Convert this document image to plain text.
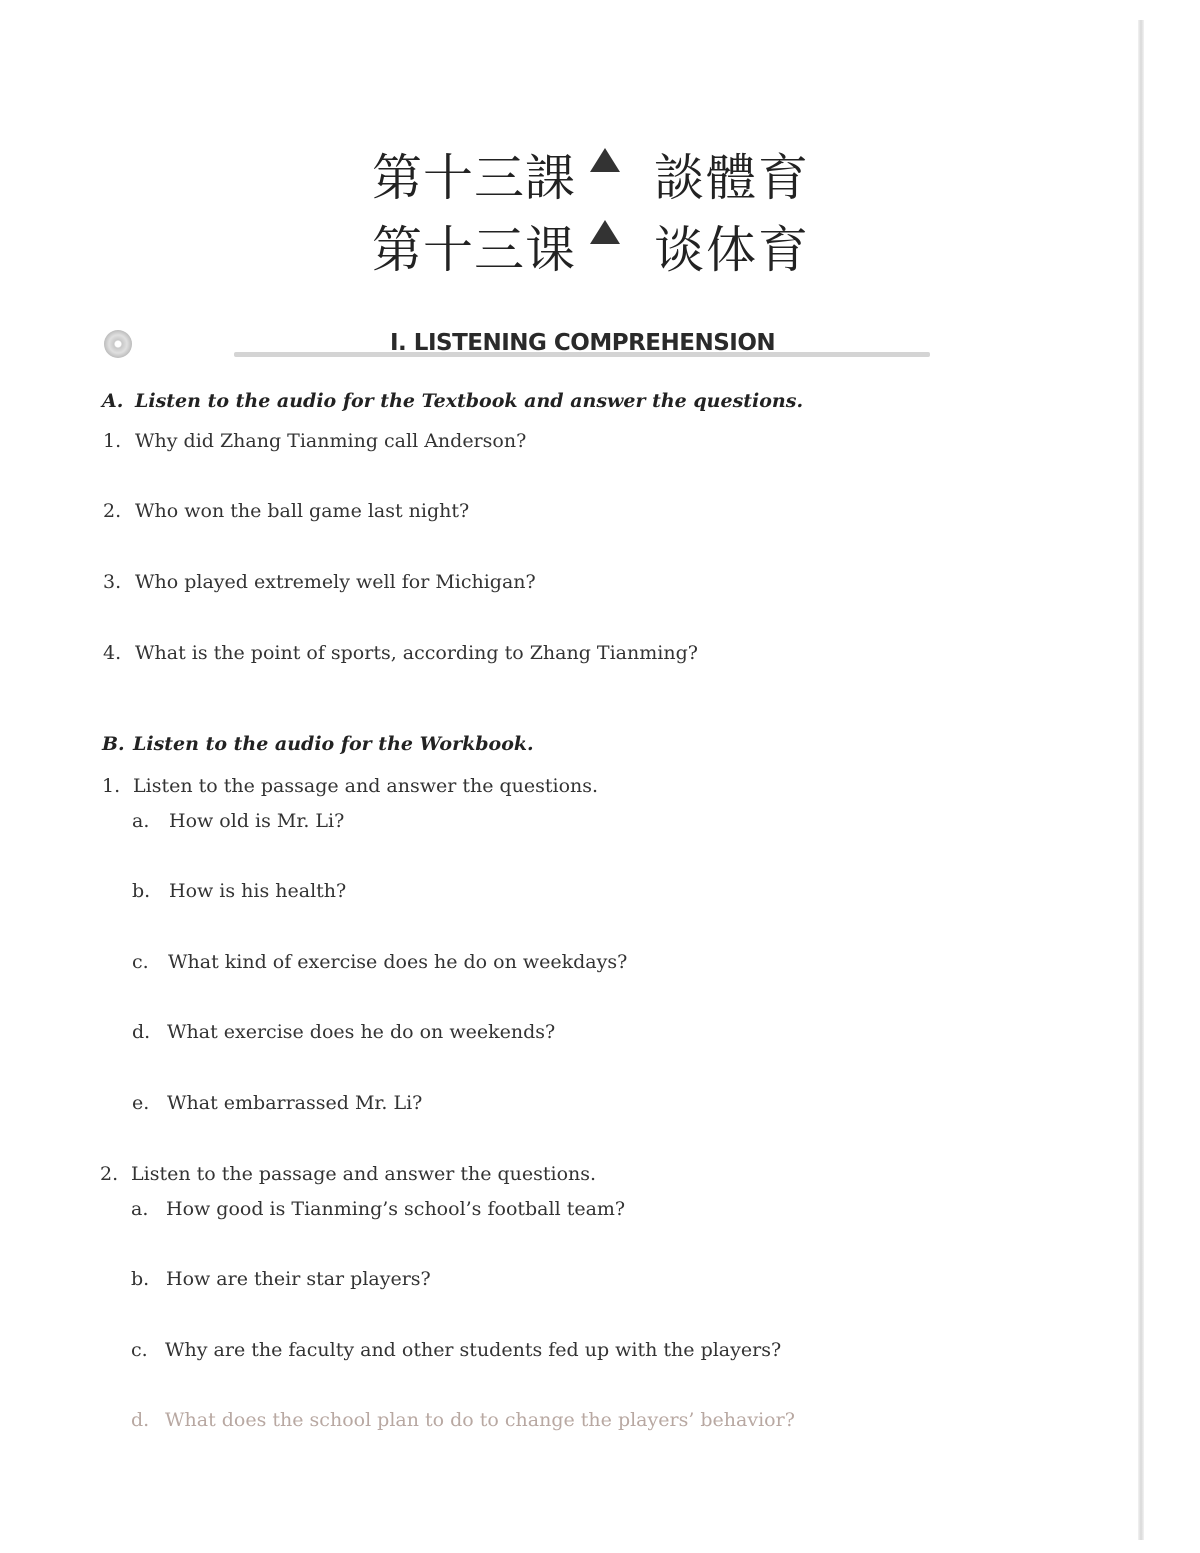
第十三課 談體育
第十三课 谈体育
I. LISTENING COMPREHENSION
A. Listen to the audio for the Textbook and answer the questions.
1. Why did Zhang Tianming call Anderson?
2. Who won the ball game last night?
3. Who played extremely well for Michigan?
4. What is the point of sports, according to Zhang Tianming?
B. Listen to the audio for the Workbook.
1. Listen to the passage and answer the questions.
a. How old is Mr. Li?
b. How is his health?
c. What kind of exercise does he do on weekdays?
d. What exercise does he do on weekends?
e. What embarrassed Mr. Li?
2. Listen to the passage and answer the questions.
a. How good is Tianming’s school’s football team?
b. How are their star players?
c. Why are the faculty and other students fed up with the players?
d. What does the school plan to do to change the players’ behavior?
